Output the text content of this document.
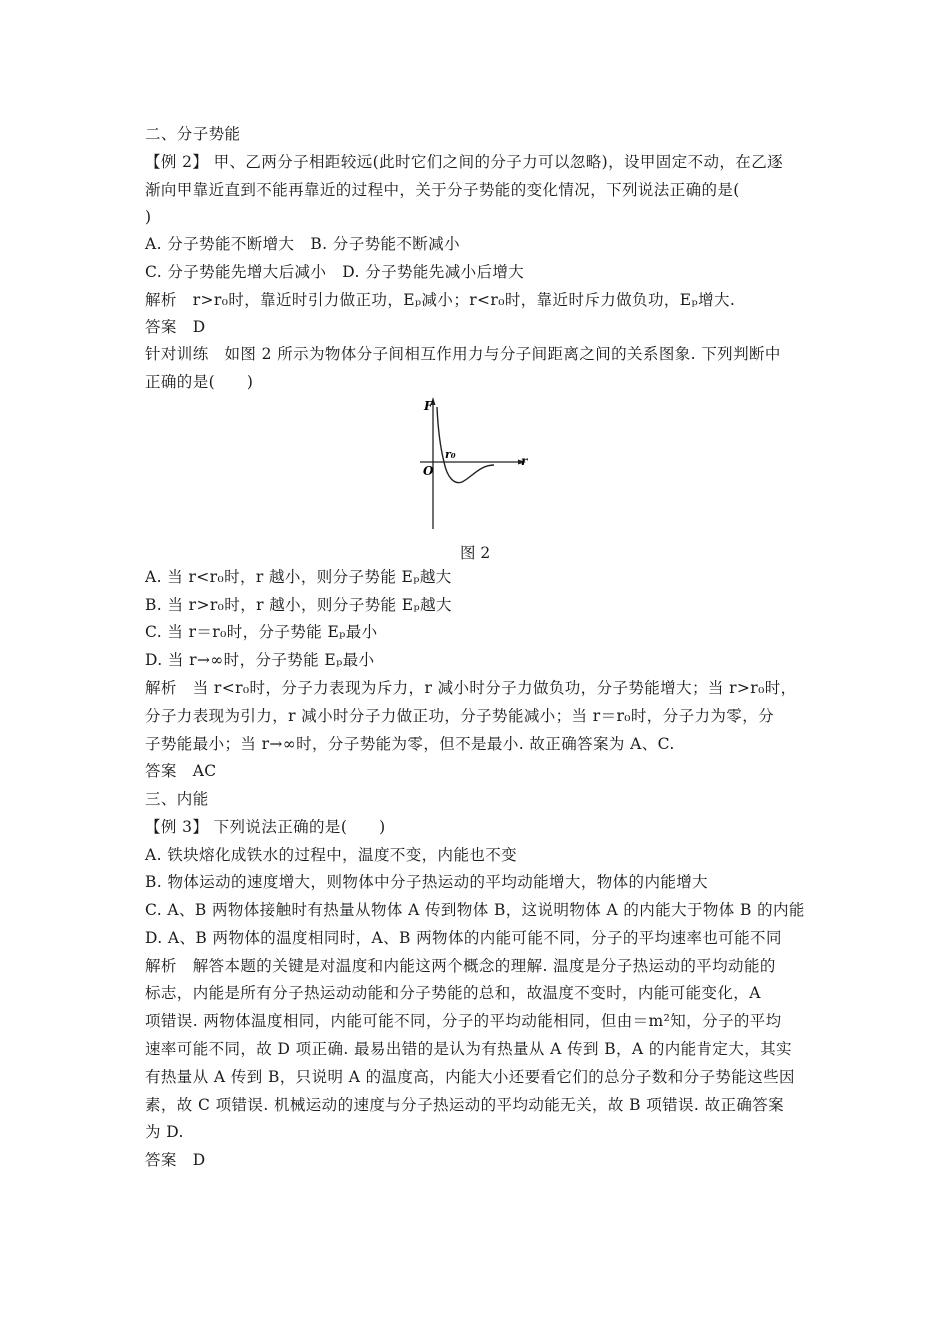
二、分子势能
【例 2】 甲、乙两分子相距较远(此时它们之间的分子力可以忽略)，设甲固定不动，在乙逐
渐向甲靠近直到不能再靠近的过程中，关于分子势能的变化情况，下列说法正确的是(
)
A. 分子势能不断增大　B. 分子势能不断减小
C. 分子势能先增大后减小　D. 分子势能先减小后增大
解析　r>r₀时，靠近时引力做正功，Eₚ减小；r<r₀时，靠近时斥力做负功，Eₚ增大.
答案　D
针对训练　如图 2 所示为物体分子间相互作用力与分子间距离之间的关系图象. 下列判断中
正确的是(　　)
F
r
O
r₀
图 2
A. 当 r<r₀时，r 越小，则分子势能 Eₚ越大
B. 当 r>r₀时，r 越小，则分子势能 Eₚ越大
C. 当 r＝r₀时，分子势能 Eₚ最小
D. 当 r→∞时，分子势能 Eₚ最小
解析　当 r<r₀时，分子力表现为斥力，r 减小时分子力做负功，分子势能增大；当 r>r₀时，
分子力表现为引力，r 减小时分子力做正功，分子势能减小；当 r＝r₀时，分子力为零，分
子势能最小；当 r→∞时，分子势能为零，但不是最小. 故正确答案为 A、C.
答案　AC
三、内能
【例 3】 下列说法正确的是(　　)
A. 铁块熔化成铁水的过程中，温度不变，内能也不变
B. 物体运动的速度增大，则物体中分子热运动的平均动能增大，物体的内能增大
C. A、B 两物体接触时有热量从物体 A 传到物体 B，这说明物体 A 的内能大于物体 B 的内能
D. A、B 两物体的温度相同时，A、B 两物体的内能可能不同，分子的平均速率也可能不同
解析　解答本题的关键是对温度和内能这两个概念的理解. 温度是分子热运动的平均动能的
标志，内能是所有分子热运动动能和分子势能的总和，故温度不变时，内能可能变化，A
项错误. 两物体温度相同，内能可能不同，分子的平均动能相同，但由＝m²知，分子的平均
速率可能不同，故 D 项正确. 最易出错的是认为有热量从 A 传到 B，A 的内能肯定大，其实
有热量从 A 传到 B，只说明 A 的温度高，内能大小还要看它们的总分子数和分子势能这些因
素，故 C 项错误. 机械运动的速度与分子热运动的平均动能无关，故 B 项错误. 故正确答案
为 D.
答案　D
